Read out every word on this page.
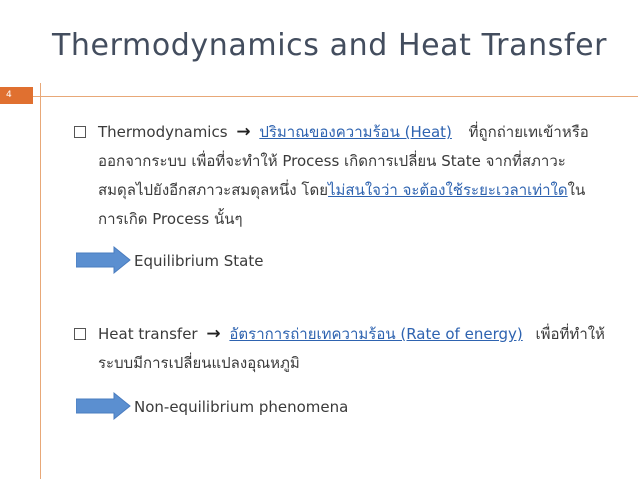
Thermodynamics and Heat Transfer
4
Thermodynamics → ปริมาณของความร้อน (Heat) ที่ถูกถ่ายเทเข้าหรือ
ออกจากระบบ เพื่อที่จะทำให้ Process เกิดการเปลี่ยน State จากที่สภาวะ
สมดุลไปยังอีกสภาวะสมดุลหนึ่ง โดยไม่สนใจว่า จะต้องใช้ระยะเวลาเท่าใดใน
การเกิด Process นั้นๆ
Equilibrium State
Heat transfer → อัตราการถ่ายเทความร้อน (Rate of energy) เพื่อที่ทำให้
ระบบมีการเปลี่ยนแปลงอุณหภูมิ
Non-equilibrium phenomena
